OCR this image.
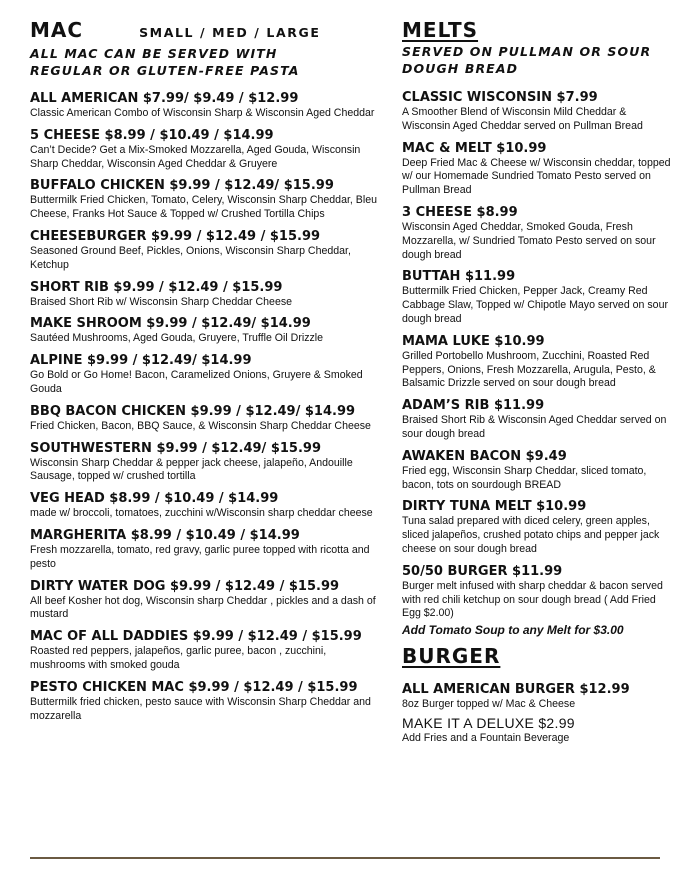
MAC	SMALL / MED / LARGE

ALL MAC CAN BE SERVED WITH

REGULAR OR GLUTEN-FREE PASTA

ALL AMERICAN $7.99/ $9.49 / $12.99
Classic American Combo of Wisconsin Sharp & Wisconsin Aged Cheddar
5 CHEESE $8.99 / $10.49 / $14.99
Can’t Decide? Get a Mix-Smoked Mozzarella, Aged Gouda, Wisconsin Sharp Cheddar, Wisconsin Aged Cheddar & Gruyere
BUFFALO CHICKEN $9.99 / $12.49/ $15.99
Buttermilk Fried Chicken, Tomato, Celery, Wisconsin Sharp Cheddar, Bleu Cheese, Franks Hot Sauce & Topped w/ Crushed Tortilla Chips
CHEESEBURGER $9.99 / $12.49 / $15.99
Seasoned Ground Beef, Pickles, Onions, Wisconsin Sharp Cheddar, Ketchup
SHORT RIB $9.99 / $12.49 / $15.99
Braised Short Rib w/ Wisconsin Sharp Cheddar Cheese
MAKE SHROOM $9.99 / $12.49/ $14.99
Sautéed Mushrooms, Aged Gouda, Gruyere, Truffle Oil Drizzle
ALPINE $9.99 / $12.49/ $14.99
Go Bold or Go Home! Bacon, Caramelized Onions, Gruyere & Smoked Gouda
BBQ BACON CHICKEN $9.99 / $12.49/ $14.99
Fried Chicken, Bacon, BBQ Sauce, & Wisconsin Sharp Cheddar Cheese
SOUTHWESTERN $9.99 / $12.49/ $15.99
Wisconsin Sharp Cheddar & pepper jack cheese, jalapeño, Andouille Sausage, topped w/ crushed tortilla
VEG HEAD $8.99 / $10.49 / $14.99
made w/ broccoli, tomatoes, zucchini w/Wisconsin sharp cheddar cheese
MARGHERITA $8.99 / $10.49 / $14.99
Fresh mozzarella, tomato, red gravy, garlic puree topped with ricotta and pesto
DIRTY WATER DOG $9.99 / $12.49 / $15.99
All beef Kosher hot dog, Wisconsin sharp Cheddar , pickles and a dash of mustard
MAC OF ALL DADDIES $9.99 / $12.49 / $15.99
Roasted red peppers, jalapeños, garlic puree, bacon , zucchini, mushrooms with smoked gouda
PESTO CHICKEN MAC $9.99 / $12.49 / $15.99
Buttermilk fried chicken, pesto sauce with Wisconsin Sharp Cheddar and mozzarella
MELTS

SERVED ON PULLMAN OR SOUR

DOUGH BREAD

CLASSIC WISCONSIN $7.99
A Smoother Blend of Wisconsin Mild Cheddar & Wisconsin Aged Cheddar served on Pullman Bread
MAC & MELT $10.99
Deep Fried Mac & Cheese w/ Wisconsin cheddar, topped w/ our Homemade Sundried Tomato Pesto served on Pullman Bread
3 CHEESE $8.99
Wisconsin Aged Cheddar, Smoked Gouda, Fresh Mozzarella, w/ Sundried Tomato Pesto served on sour dough bread
BUTTAH $11.99
Buttermilk Fried Chicken, Pepper Jack, Creamy Red Cabbage Slaw, Topped w/ Chipotle Mayo served on sour dough bread
MAMA LUKE $10.99
Grilled Portobello Mushroom, Zucchini, Roasted Red Peppers, Onions, Fresh Mozzarella, Arugula, Pesto, & Balsamic Drizzle served on sour dough bread
ADAM’S RIB $11.99
Braised Short Rib & Wisconsin Aged Cheddar served on sour dough bread
AWAKEN BACON $9.49
Fried egg, Wisconsin Sharp Cheddar, sliced tomato, bacon, tots on sourdough BREAD
DIRTY TUNA MELT $10.99
Tuna salad prepared with diced celery, green apples, sliced jalapeños, crushed potato chips and pepper jack cheese on sour dough bread
50/50 BURGER $11.99
Burger melt infused with sharp cheddar & bacon served with red chili ketchup on sour dough bread ( Add Fried Egg $2.00)
Add Tomato Soup to any Melt for $3.00
BURGER
ALL AMERICAN BURGER $12.99
8oz Burger topped w/ Mac & Cheese
MAKE IT A DELUXE $2.99
Add Fries and a Fountain Beverage
